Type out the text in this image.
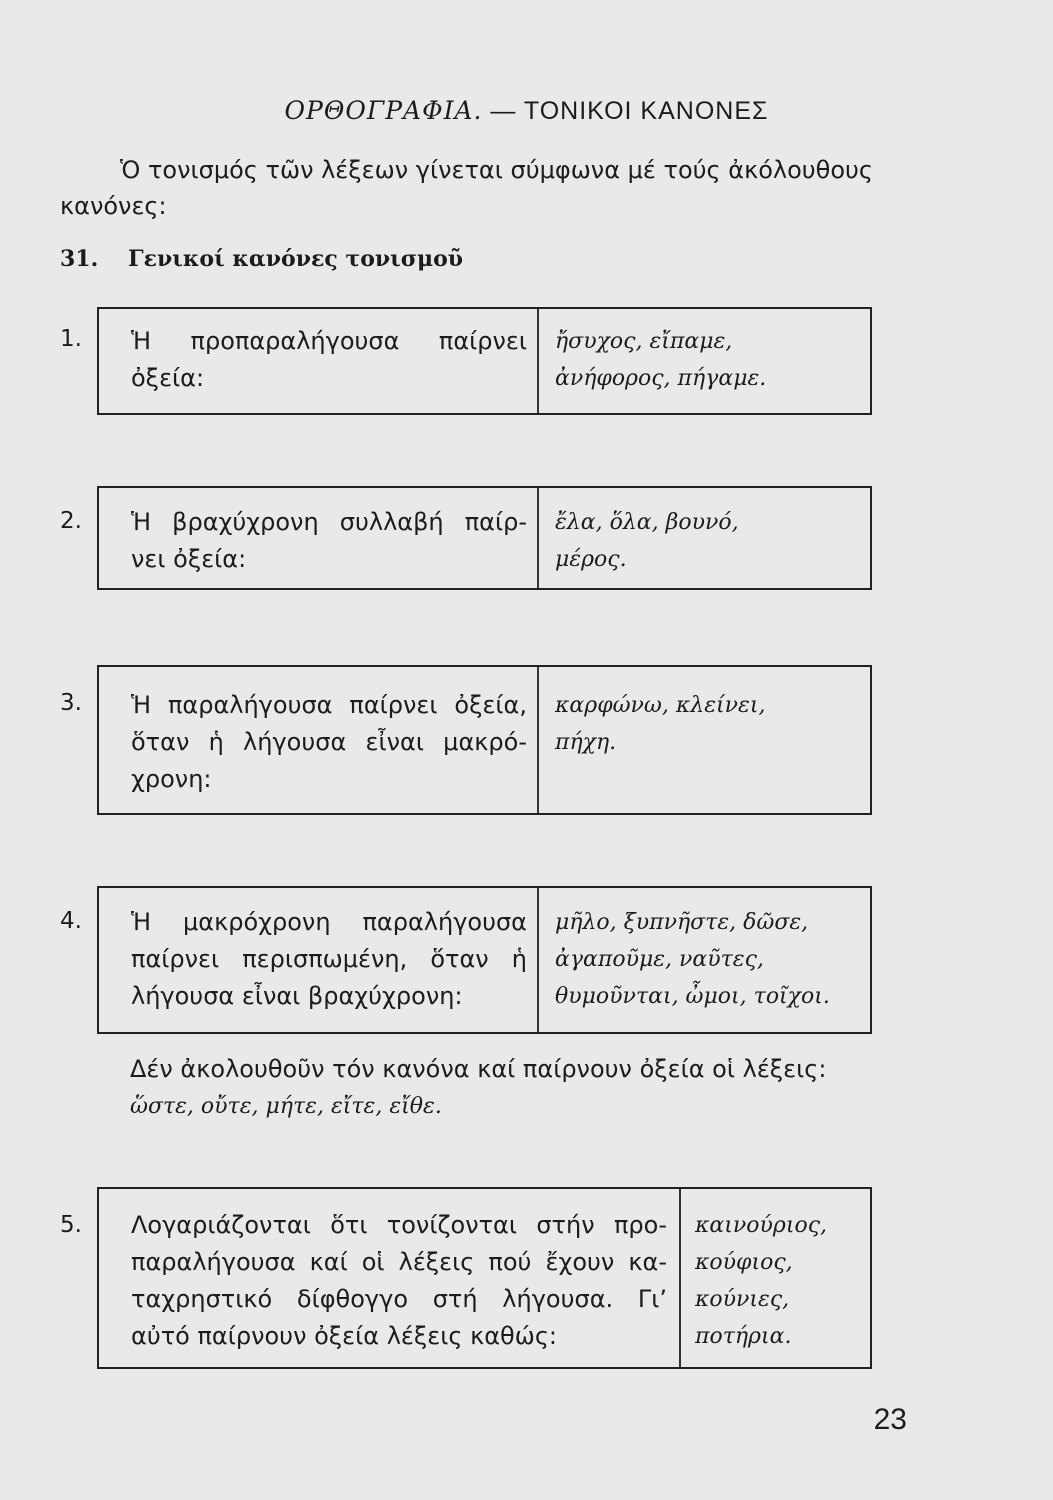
ΟΡΘΟΓΡΑΦΙΑ. — ΤΟΝΙΚΟΙ ΚΑΝΟΝΕΣ
Ὁ τονισμός τῶν λέξεων γίνεται σύμφωνα μέ τούς ἀκόλουθους
κανόνες:
31. Γενικοί κανόνες τονισμοῦ
1. Ἡ προπαραλήγουσα παίρνει
ὀξεία:
ἤσυχος, εἴπαμε,
ἀνήφορος, πήγαμε.
2. Ἡ βραχύχρονη συλλαβή παίρ-
νει ὀξεία:
ἔλα, ὅλα, βουνό,
μέρος.
3. Ἡ παραλήγουσα παίρνει ὀξεία,
ὅταν ἡ λήγουσα εἶναι μακρό-
χρονη:
καρφώνω, κλείνει,
πήχη.
4. Ἡ μακρόχρονη παραλήγουσα
παίρνει περισπωμένη, ὅταν ἡ
λήγουσα εἶναι βραχύχρονη:
μῆλο, ξυπνῆστε, δῶσε,
ἀγαποῦμε, ναῦτες,
θυμοῦνται, ὦμοι, τοῖχοι.
Δέν ἀκολουθοῦν τόν κανόνα καί παίρνουν ὀξεία οἱ λέξεις:
ὥστε, οὔτε, μήτε, εἴτε, εἴθε.
5. Λογαριάζονται ὅτι τονίζονται στήν προ-
παραλήγουσα καί οἱ λέξεις πού ἔχουν κα-
ταχρηστικό δίφθογγο στή λήγουσα. Γι’
αὐτό παίρνουν ὀξεία λέξεις καθώς:
καινούριος,
κούφιος,
κούνιες,
ποτήρια.
23
